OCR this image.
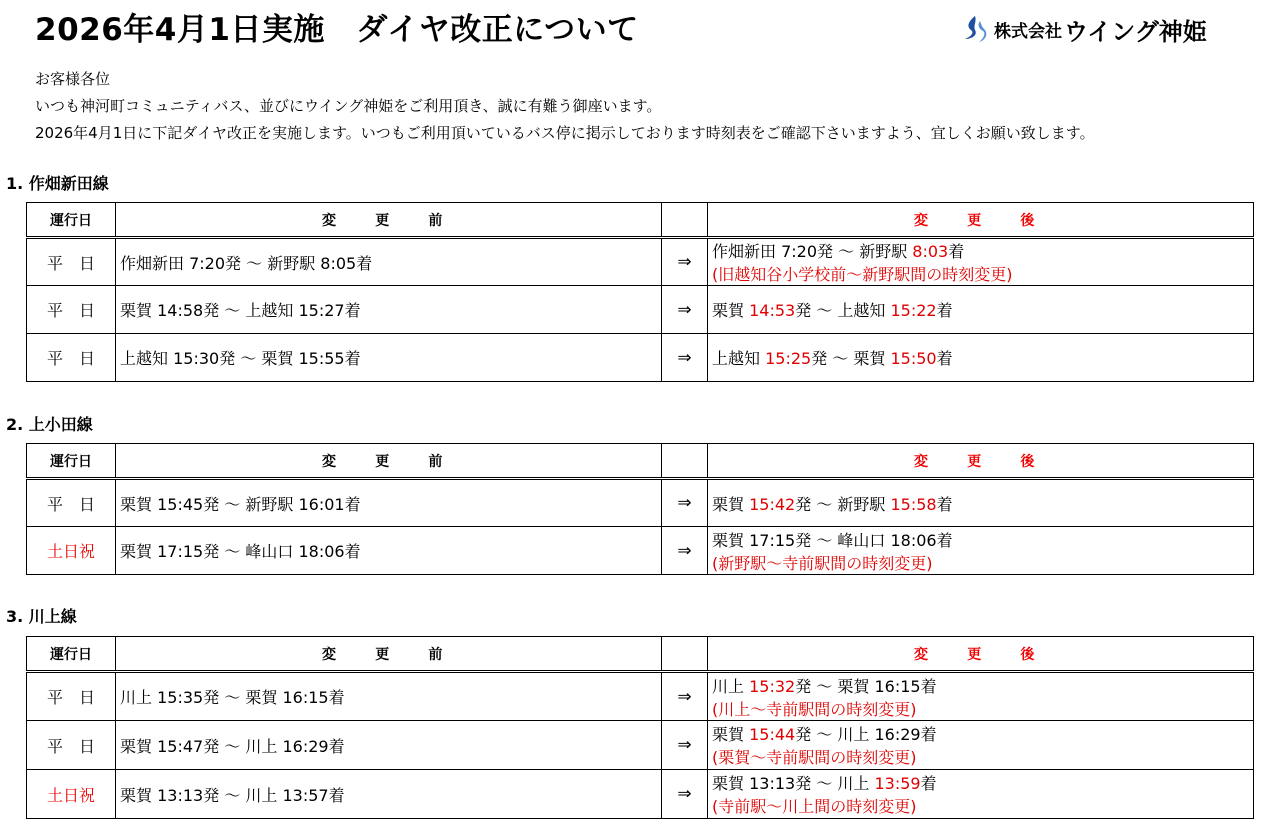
2026年4月1日実施　ダイヤ改正について	株式会社 ウイング神姫
お客様各位
いつも神河町コミュニティバス、並びにウイング神姫をご利用頂き、誠に有難う御座います。
2026年4月1日に下記ダイヤ改正を実施します。いつもご利用頂いているバス停に掲示しております時刻表をご確認下さいますよう、宜しくお願い致します。
1. 作畑新田線
運行日	変　更　前		変　更　後
平　日	作畑新田 7:20発 ～ 新野駅 8:05着	⇒	作畑新田 7:20発 ～ 新野駅 8:03着
(旧越知谷小学校前～新野駅間の時刻変更)

平　日	栗賀 14:58発 ～ 上越知 15:27着	⇒	栗賀 14:53発 ～ 上越知 15:22着

平　日	上越知 15:30発 ～ 栗賀 15:55着	⇒	上越知 15:25発 ～ 栗賀 15:50着
2. 上小田線
運行日	変　更　前		変　更　後
平　日	栗賀 15:45発 ～ 新野駅 16:01着	⇒	栗賀 15:42発 ～ 新野駅 15:58着

土日祝	栗賀 17:15発 ～ 峰山口 18:06着	⇒	栗賀 17:15発 ～ 峰山口 18:06着
(新野駅～寺前駅間の時刻変更)
3. 川上線
運行日	変　更　前		変　更　後
平　日	川上 15:35発 ～ 栗賀 16:15着	⇒	川上 15:32発 ～ 栗賀 16:15着
(川上～寺前駅間の時刻変更)

平　日	栗賀 15:47発 ～ 川上 16:29着	⇒	栗賀 15:44発 ～ 川上 16:29着
(栗賀～寺前駅間の時刻変更)

土日祝	栗賀 13:13発 ～ 川上 13:57着	⇒	栗賀 13:13発 ～ 川上 13:59着
(寺前駅～川上間の時刻変更)
